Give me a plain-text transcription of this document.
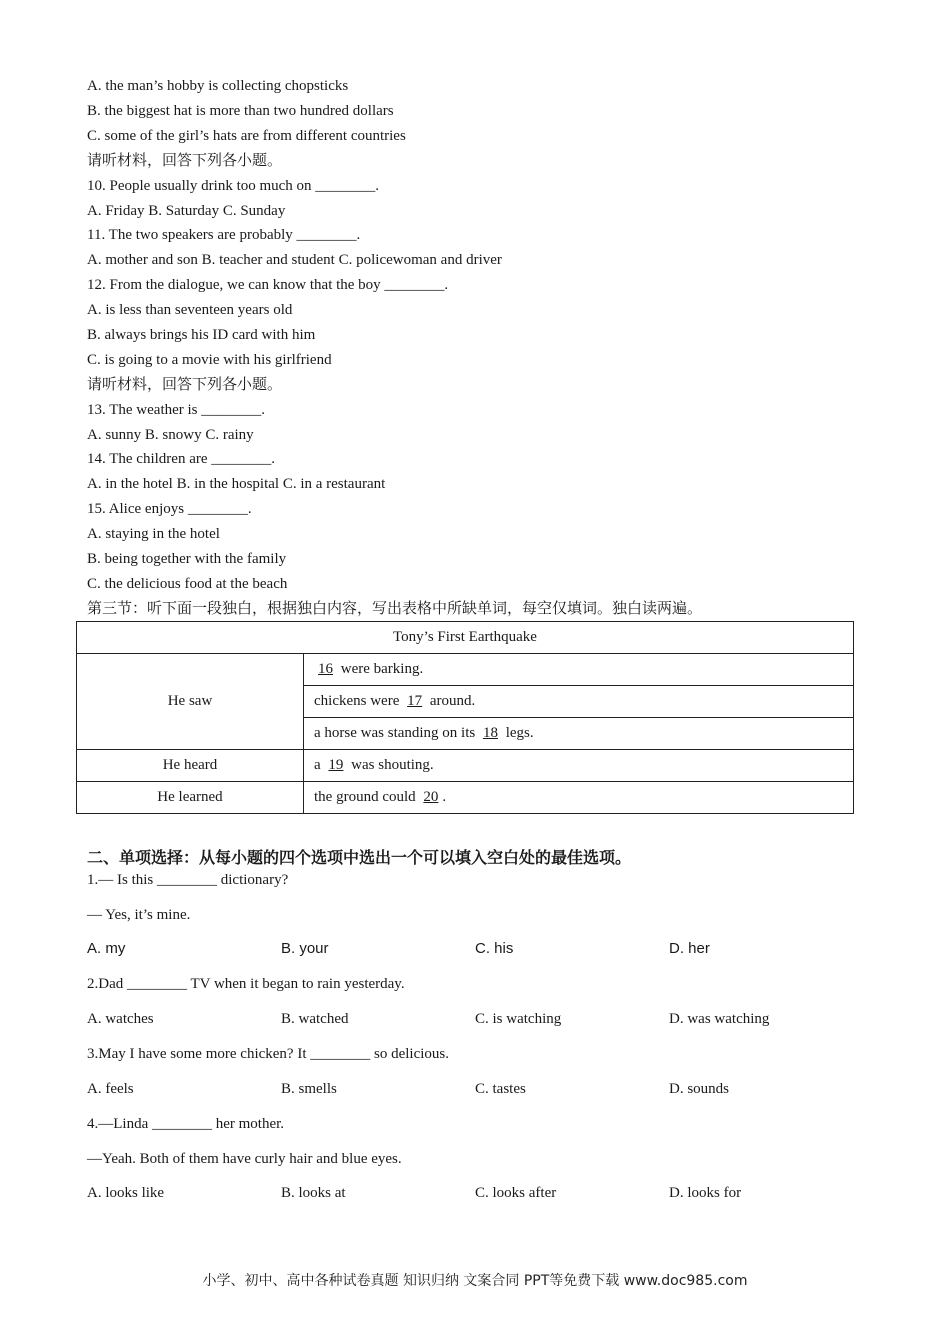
A. the man’s hobby is collecting chopsticks
B. the biggest hat is more than two hundred dollars
C. some of the girl’s hats are from different countries
请听材料，回答下列各小题。
10. People usually drink too much on ________.
A. Friday B. Saturday C. Sunday
11. The two speakers are probably ________.
A. mother and son B. teacher and student C. policewoman and driver
12. From the dialogue, we can know that the boy ________.
A. is less than seventeen years old
B. always brings his ID card with him
C. is going to a movie with his girlfriend
请听材料，回答下列各小题。
13. The weather is ________.
A. sunny B. snowy C. rainy
14. The children are ________.
A. in the hotel B. in the hospital C. in a restaurant
15. Alice enjoys ________.
A. staying in the hotel
B. being together with the family
C. the delicious food at the beach
第三节：听下面一段独白，根据独白内容，写出表格中所缺单词，每空仅填词。独白读两遍。
Tony’s First Earthquake	
He saw	16 were barking.
	chickens were 17 around.
	a horse was standing on its 18 legs.
He heard	a 19 was shouting.
He learned	the ground could 20 .
二、单项选择：从每小题的四个选项中选出一个可以填入空白处的最佳选项。
1.— Is this ________ dictionary?
— Yes, it’s mine.
A. my	B. your	C. his	D. her
2.Dad ________ TV when it began to rain yesterday.
A. watches	B. watched	C. is watching	D. was watching
3.May I have some more chicken? It ________ so delicious.
A. feels	B. smells	C. tastes	D. sounds
4.—Linda ________ her mother.
—Yeah. Both of them have curly hair and blue eyes.
A. looks like	B. looks at	C. looks after	D. looks for
小学、初中、高中各种试卷真题 知识归纳 文案合同 PPT等免费下载 www.doc985.com
